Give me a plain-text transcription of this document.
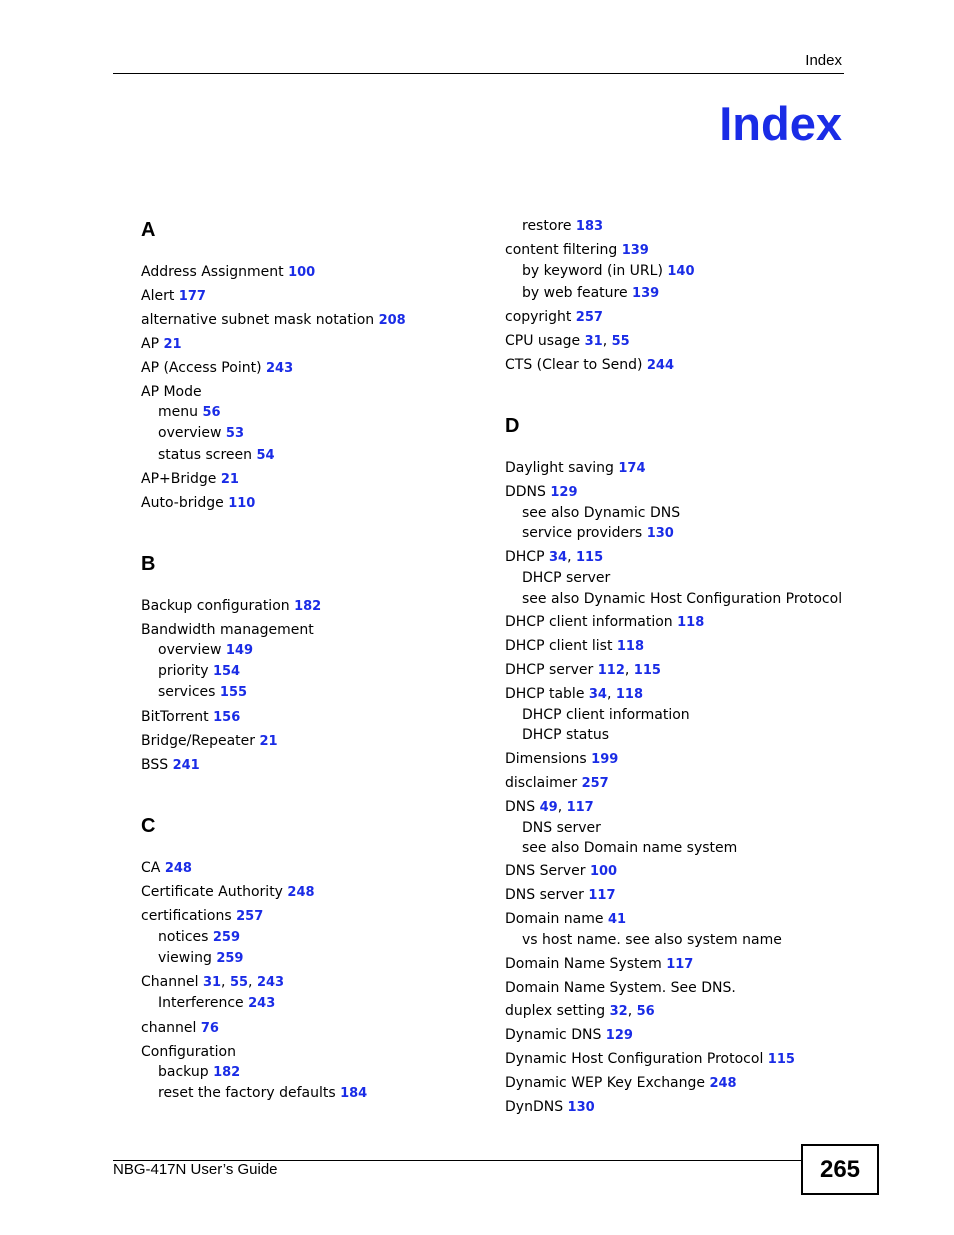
Index
Index
A

Address Assignment 100

Alert 177

alternative subnet mask notation 208

AP 21

AP (Access Point) 243

AP Mode

menu 56

overview 53

status screen 54

AP+Bridge 21

Auto-bridge 110

B

Backup configuration 182

Bandwidth management

overview 149

priority 154

services 155

BitTorrent 156

Bridge/Repeater 21

BSS 241

C

CA 248

Certificate Authority 248

certifications 257

notices 259

viewing 259

Channel 31, 55, 243

Interference 243

channel 76

Configuration

backup 182

reset the factory defaults 184

restore 183

content filtering 139

by keyword (in URL) 140

by web feature 139

copyright 257

CPU usage 31, 55

CTS (Clear to Send) 244

D

Daylight saving 174

DDNS 129

see also Dynamic DNS

service providers 130

DHCP 34, 115

DHCP server

see also Dynamic Host Configuration Protocol

DHCP client information 118

DHCP client list 118

DHCP server 112, 115

DHCP table 34, 118

DHCP client information

DHCP status

Dimensions 199

disclaimer 257

DNS 49, 117

DNS server

see also Domain name system

DNS Server 100

DNS server 117

Domain name 41

vs host name. see also system name

Domain Name System 117

Domain Name System. See DNS.

duplex setting 32, 56

Dynamic DNS 129

Dynamic Host Configuration Protocol 115

Dynamic WEP Key Exchange 248

DynDNS 130

NBG-417N User’s Guide	265
